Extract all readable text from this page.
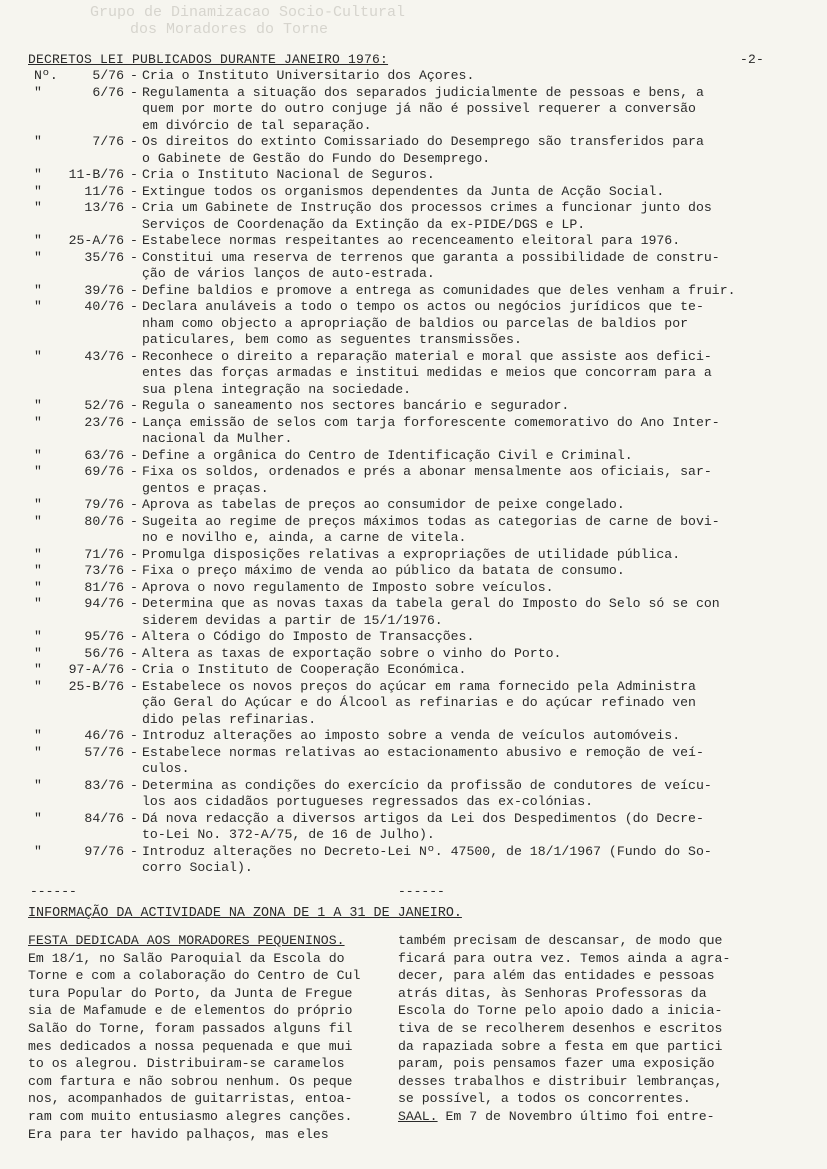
Grupo de Dinamizacao Socio-Cultural
dos Moradores do Torne
DECRETOS LEI PUBLICADOS DURANTE JANEIRO 1976:	-2-
Nº.	5/76 - Cria o Instituto Universitario dos Açores.
"	6/76 - Regulamenta a situação dos separados judicialmente de pessoas e bens, a
quem por morte do outro conjuge já não é possivel requerer a conversão
em divórcio de tal separação.
"	7/76 - Os direitos do extinto Comissariado do Desemprego são transferidos para
o Gabinete de Gestão do Fundo do Desemprego.
"	11-B/76 - Cria o Instituto Nacional de Seguros.
"	11/76 - Extingue todos os organismos dependentes da Junta de Acção Social.
"	13/76 - Cria um Gabinete de Instrução dos processos crimes a funcionar junto dos
Serviços de Coordenação da Extinção da ex-PIDE/DGS e LP.
"	25-A/76 - Estabelece normas respeitantes ao recenceamento eleitoral para 1976.
"	35/76 - Constitui uma reserva de terrenos que garanta a possibilidade de constru-
ção de vários lanços de auto-estrada.
"	39/76 - Define baldios e promove a entrega as comunidades que deles venham a fruir.
"	40/76 - Declara anuláveis a todo o tempo os actos ou negócios jurídicos que te-
nham como objecto a apropriação de baldios ou parcelas de baldios por
paticulares, bem como as seguentes transmissões.
"	43/76 - Reconhece o direito a reparação material e moral que assiste aos defici-
entes das forças armadas e institui medidas e meios que concorram para a
sua plena integração na sociedade.
"	52/76 - Regula o saneamento nos sectores bancário e segurador.
"	23/76 - Lança emissão de selos com tarja forforescente comemorativo do Ano Inter-
nacional da Mulher.
"	63/76 - Define a orgânica do Centro de Identificação Civil e Criminal.
"	69/76 - Fixa os soldos, ordenados e prés a abonar mensalmente aos oficiais, sar-
gentos e praças.
"	79/76 - Aprova as tabelas de preços ao consumidor de peixe congelado.
"	80/76 - Sugeita ao regime de preços máximos todas as categorias de carne de bovi-
no e novilho e, ainda, a carne de vitela.
"	71/76 - Promulga disposições relativas a expropriações de utilidade pública.
"	73/76 - Fixa o preço máximo de venda ao público da batata de consumo.
"	81/76 - Aprova o novo regulamento de Imposto sobre veículos.
"	94/76 - Determina que as novas taxas da tabela geral do Imposto do Selo só se con
siderem devidas a partir de 15/1/1976.
"	95/76 - Altera o Código do Imposto de Transacções.
"	56/76 - Altera as taxas de exportação sobre o vinho do Porto.
"	97-A/76 - Cria o Instituto de Cooperação Económica.
"	25-B/76 - Estabelece os novos preços do açúcar em rama fornecido pela Administra
ção Geral do Açúcar e do Álcool as refinarias e do açúcar refinado ven
dido pelas refinarias.
"	46/76 - Introduz alterações ao imposto sobre a venda de veículos automóveis.
"	57/76 - Estabelece normas relativas ao estacionamento abusivo e remoção de veí-
culos.
"	83/76 - Determina as condições do exercício da profissão de condutores de veícu-
los aos cidadãos portugueses regressados das ex-colónias.
"	84/76 - Dá nova redacção a diversos artigos da Lei dos Despedimentos (do Decre-
to-Lei No. 372-A/75, de 16 de Julho).
"	97/76 - Introduz alterações no Decreto-Lei Nº. 47500, de 18/1/1967 (Fundo do So-
corro Social).
------	------
INFORMAÇÃO DA ACTIVIDADE NA ZONA DE 1 A 31 DE JANEIRO.
FESTA DEDICADA AOS MORADORES PEQUENINOS.
Em 18/1, no Salão Paroquial da Escola do
Torne e com a colaboração do Centro de Cul
tura Popular do Porto, da Junta de Fregue
sia de Mafamude e de elementos do próprio
Salão do Torne, foram passados alguns fil
mes dedicados a nossa pequenada e que mui
to os alegrou. Distribuiram-se caramelos
com fartura e não sobrou nenhum. Os peque
nos, acompanhados de guitarristas, entoa-
ram com muito entusiasmo alegres canções.
Era para ter havido palhaços, mas eles
também precisam de descansar, de modo que
ficará para outra vez. Temos ainda a agra-
decer, para além das entidades e pessoas
atrás ditas, às Senhoras Professoras da
Escola do Torne pelo apoio dado a inicia-
tiva de se recolherem desenhos e escritos
da rapaziada sobre a festa em que partici
param, pois pensamos fazer uma exposição
desses trabalhos e distribuir lembranças,
se possível, a todos os concorrentes.
SAAL. Em 7 de Novembro último foi entre-
